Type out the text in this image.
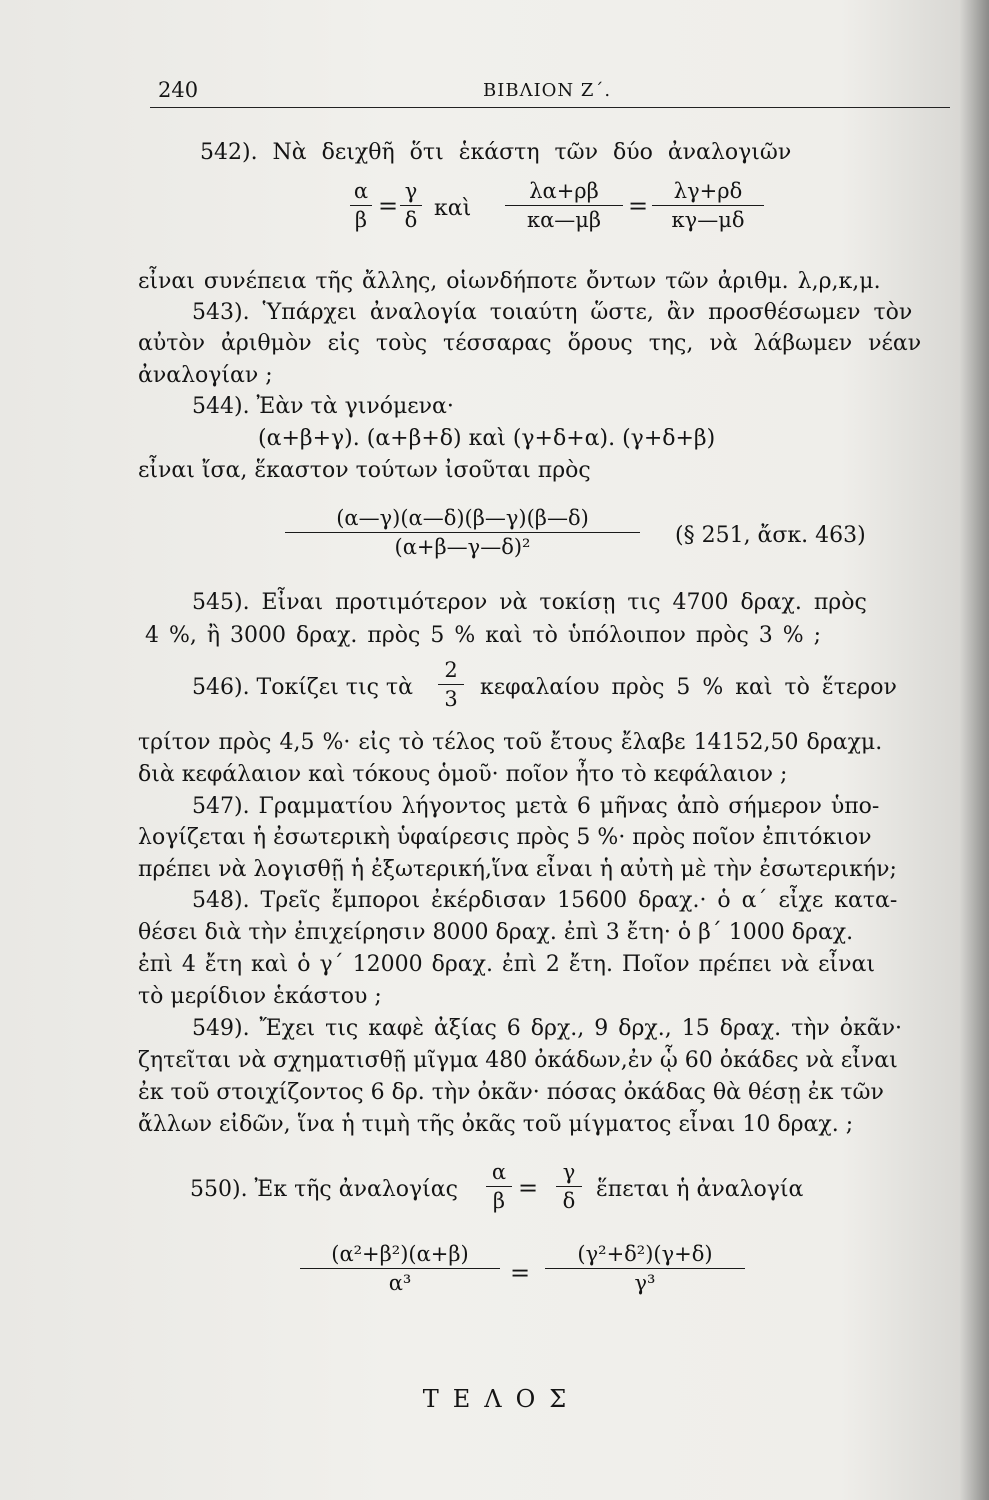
240	ΒΙΒΛΙΟΝ Ζ΄.
542). Νὰ δειχθῆ ὅτι ἑκάστη τῶν δύο ἀναλογιῶν
α
β =
γ
δ καὶ
λα+ρβ
κα—μβ	=
λγ+ρδ
κγ—μδ
εἶναι συνέπεια τῆς ἄλλης, οἱωνδήποτε ὄντων τῶν ἀριθμ. λ,ρ,κ,μ.
543). Ὑπάρχει ἀναλογία τοιαύτη ὥστε, ἂν προσθέσωμεν τὸν
αὐτὸν ἀριθμὸν εἰς τοὺς τέσσαρας ὅρους της, νὰ λάβωμεν νέαν
ἀναλογίαν ;
544). Ἐὰν τὰ γινόμενα·
(α+β+γ). (α+β+δ) καὶ (γ+δ+α). (γ+δ+β)
εἶναι ἴσα, ἕκαστον τούτων ἰσοῦται πρὸς
(α—γ)(α—δ)(β—γ)(β—δ)
(α+β—γ—δ)²	(§ 251, ἄσκ. 463)
545). Εἶναι προτιμότερον νὰ τοκίσῃ τις 4700 δραχ. πρὸς
4 %, ἢ 3000 δραχ. πρὸς 5 % καὶ τὸ ὑπόλοιπον πρὸς 3 % ;
546). Τοκίζει τις τὰ
2
3 κεφαλαίου πρὸς 5 % καὶ τὸ ἕτερον
τρίτον πρὸς 4,5 %· εἰς τὸ τέλος τοῦ ἔτους ἔλαβε 14152,50 δραχμ.
διὰ κεφάλαιον καὶ τόκους ὁμοῦ· ποῖον ἦτο τὸ κεφάλαιον ;
547). Γραμματίου λήγοντος μετὰ 6 μῆνας ἀπὸ σήμερον ὑπο-
λογίζεται ἡ ἐσωτερικὴ ὑφαίρεσις πρὸς 5 %· πρὸς ποῖον ἐπιτόκιον
πρέπει νὰ λογισθῇ ἡ ἐξωτερική,ἵνα εἶναι ἡ αὐτὴ μὲ τὴν ἐσωτερικήν;
548). Τρεῖς ἔμποροι ἐκέρδισαν 15600 δραχ.· ὁ α΄ εἶχε κατα-
θέσει διὰ τὴν ἐπιχείρησιν 8000 δραχ. ἐπὶ 3 ἔτη· ὁ β΄ 1000 δραχ.
ἐπὶ 4 ἔτη καὶ ὁ γ΄ 12000 δραχ. ἐπὶ 2 ἔτη. Ποῖον πρέπει νὰ εἶναι
τὸ μερίδιον ἑκάστου ;
549). Ἔχει τις καφὲ ἀξίας 6 δρχ., 9 δρχ., 15 δραχ. τὴν ὀκᾶν·
ζητεῖται νὰ σχηματισθῇ μῖγμα 480 ὀκάδων,ἐν ᾧ 60 ὀκάδες νὰ εἶναι
ἐκ τοῦ στοιχίζοντος 6 δρ. τὴν ὀκᾶν· πόσας ὀκάδας θὰ θέσῃ ἐκ τῶν
ἄλλων εἰδῶν, ἵνα ἡ τιμὴ τῆς ὀκᾶς τοῦ μίγματος εἶναι 10 δραχ. ;
550). Ἐκ τῆς ἀναλογίας
α
β =
γ
δ ἕπεται ἡ ἀναλογία
(α²+β²)(α+β)
α³	=
(γ²+δ²)(γ+δ)
γ³
ΤΕΛΟΣ
